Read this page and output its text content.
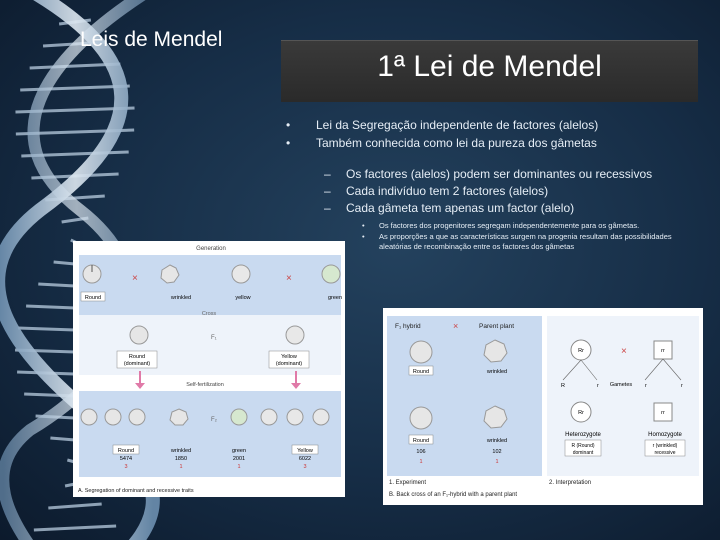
Leis de Mendel
1ª Lei de Mendel
• Lei da Segregação independente de factores (alelos)
• Também conhecida como lei da pureza dos gâmetas
– Os factores (alelos) podem ser dominantes ou recessivos
– Cada indivíduo tem 2 factores (alelos)
– Cada gâmeta tem apenas um factor (alelo)
• Os factores dos progenitores segregam independentemente para os gâmetas.
• As proporções a que as características surgem na progenia resultam das possibilidades aleatórias de recombinação entre os factores dos gâmetas
Generation
×	×
Round	wrinkled	yellow	green
Cross
F₁
Round
(dominant)
Yellow
(dominant)
Self-fertilization
F₂
Round	wrinkled	green	Yellow
5474	1850	2001	6022
3	1	1	3
A. Segregation of dominant and recessive traits
F₁ hybrid	×	Parent plant
Round	wrinkled
Round	wrinkled
106	102
1	1
Rr	×	rr
R	r	r	r
Gametes
Rr	rr
Heterozygote	Homozygote
R (Round)
dominant
r (wrinkled)
recessive
1. Experiment	2. Interpretation
B. Back cross of an F₁-hybrid with a parent plant
